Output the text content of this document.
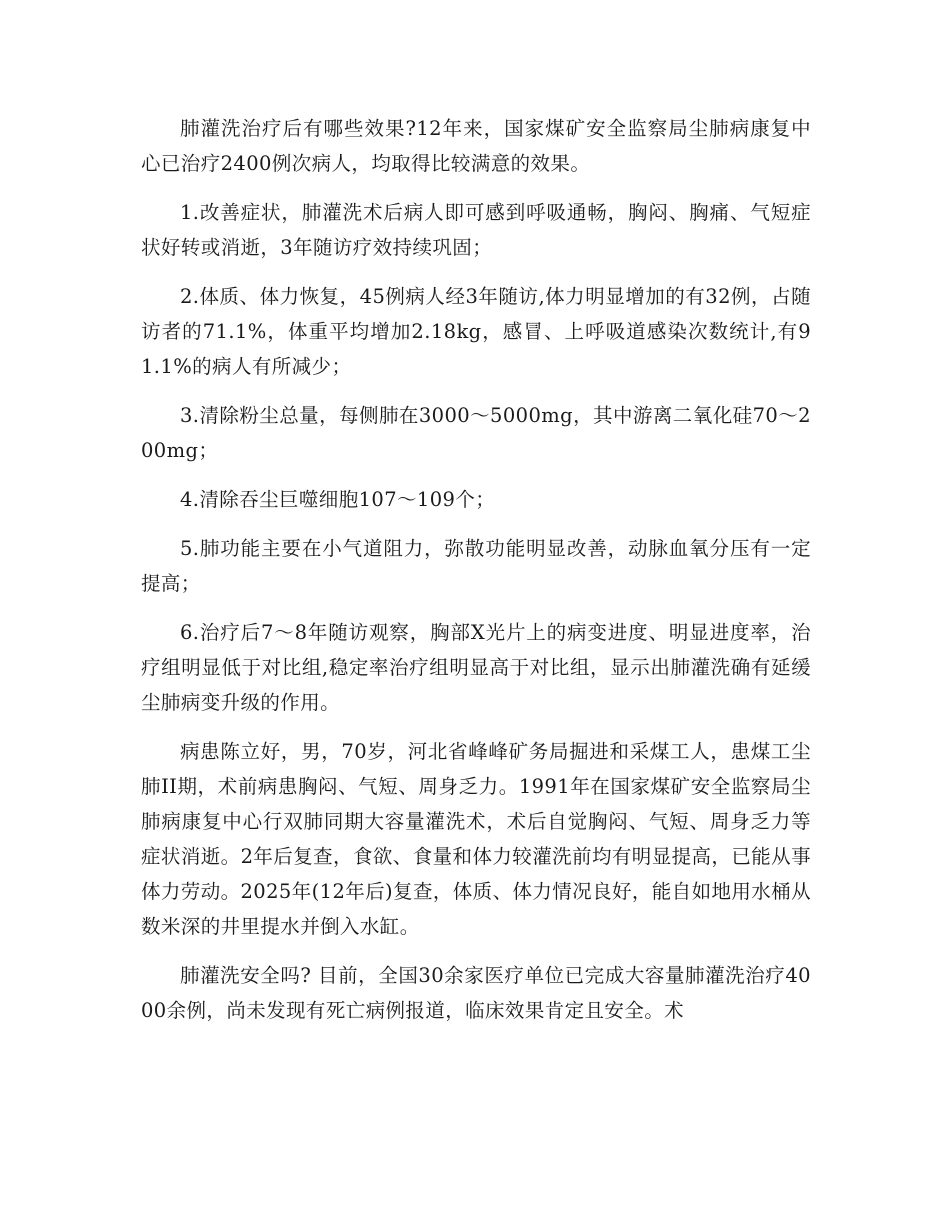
肺灌洗治疗后有哪些效果?12年来，国家煤矿安全监察局尘肺病康复中心已治疗2400例次病人，均取得比较满意的效果。

1.改善症状，肺灌洗术后病人即可感到呼吸通畅，胸闷、胸痛、气短症状好转或消逝，3年随访疗效持续巩固；

2.体质、体力恢复，45例病人经3年随访,体力明显增加的有32例，占随访者的71.1%，体重平均增加2.18kg，感冒、上呼吸道感染次数统计,有91.1%的病人有所减少；

3.清除粉尘总量，每侧肺在3000～5000mg，其中游离二氧化硅70～200mg；

4.清除吞尘巨噬细胞107～109个；

5.肺功能主要在小气道阻力，弥散功能明显改善，动脉血氧分压有一定提高；

6.治疗后7～8年随访观察，胸部X光片上的病变进度、明显进度率，治疗组明显低于对比组,稳定率治疗组明显高于对比组，显示出肺灌洗确有延缓尘肺病变升级的作用。

病患陈立好，男，70岁，河北省峰峰矿务局掘进和采煤工人，患煤工尘肺II期，术前病患胸闷、气短、周身乏力。1991年在国家煤矿安全监察局尘肺病康复中心行双肺同期大容量灌洗术，术后自觉胸闷、气短、周身乏力等症状消逝。2年后复查，食欲、食量和体力较灌洗前均有明显提高，已能从事体力劳动。2025年(12年后)复查，体质、体力情况良好，能自如地用水桶从数米深的井里提水并倒入水缸。

肺灌洗安全吗? 目前，全国30余家医疗单位已完成大容量肺灌洗治疗4000余例，尚未发现有死亡病例报道，临床效果肯定且安全。术
